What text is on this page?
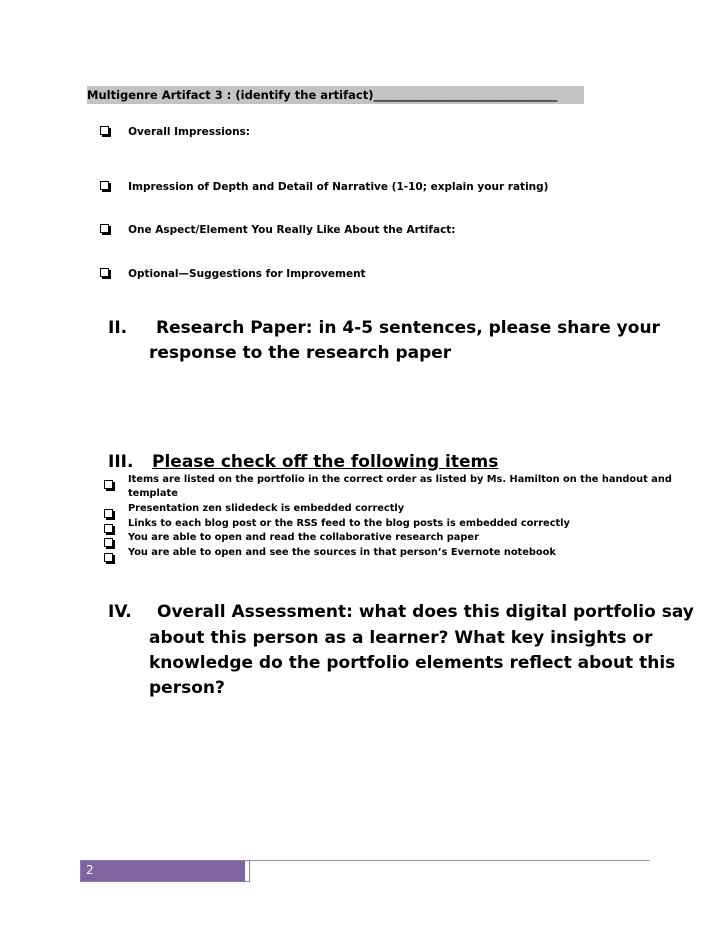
Multigenre Artifact 3 : (identify the artifact)________________________________
Overall Impressions:
Impression of Depth and Detail of Narrative (1-10; explain your rating)
One Aspect/Element You Really Like About the Artifact:
Optional—Suggestions for Improvement
II. Research Paper: in 4-5 sentences, please share your
response to the research paper
III. Please check off the following items
Items are listed on the portfolio in the correct order as listed by Ms. Hamilton on the handout and
template
Presentation zen slidedeck is embedded correctly
Links to each blog post or the RSS feed to the blog posts is embedded correctly
You are able to open and read the collaborative research paper
You are able to open and see the sources in that person’s Evernote notebook
IV. Overall Assessment: what does this digital portfolio say
about this person as a learner? What key insights or
knowledge do the portfolio elements reflect about this
person?
2
